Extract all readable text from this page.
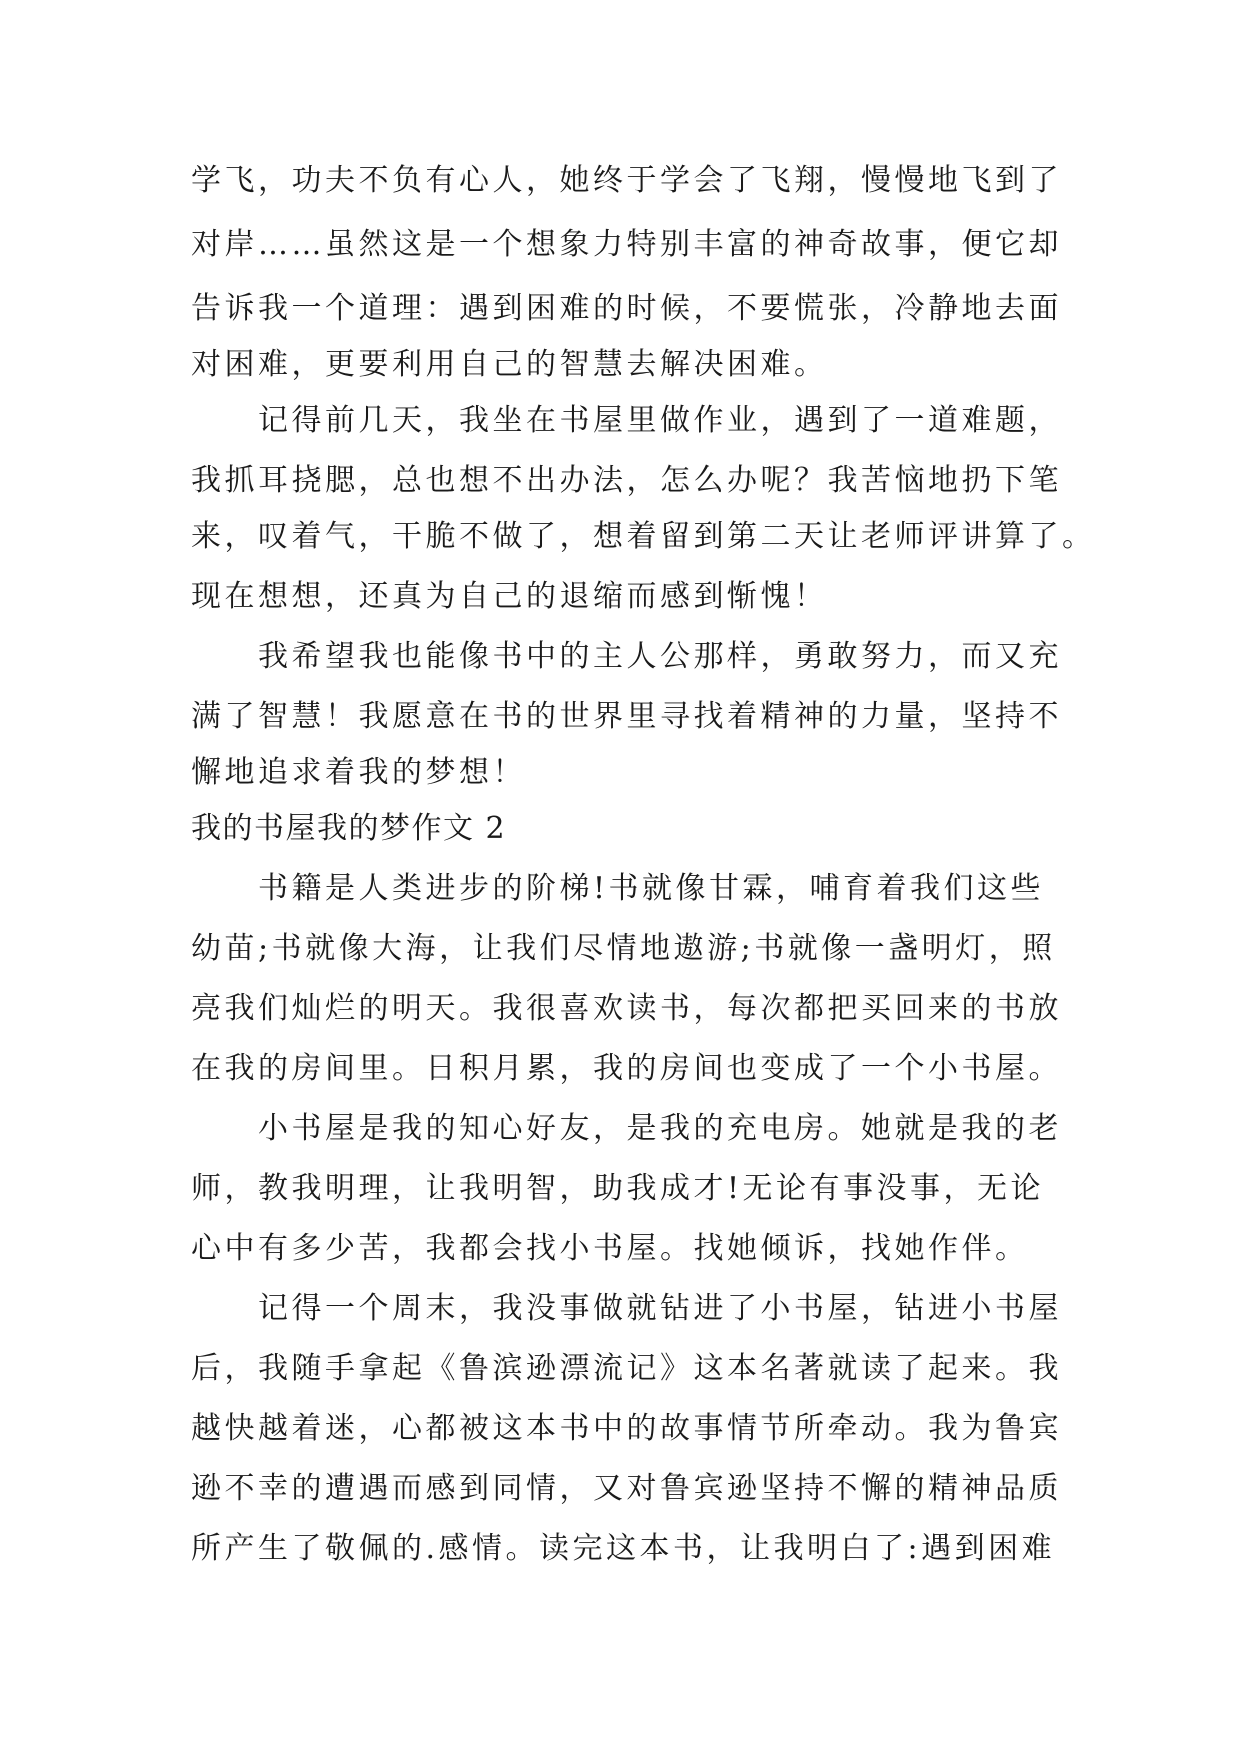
学飞，功夫不负有心人，她终于学会了飞翔，慢慢地飞到了

对岸……虽然这是一个想象力特别丰富的神奇故事，便它却

告诉我一个道理：遇到困难的时候，不要慌张，冷静地去面

对困难，更要利用自己的智慧去解决困难。

　　记得前几天，我坐在书屋里做作业，遇到了一道难题，

我抓耳挠腮，总也想不出办法，怎么办呢？我苦恼地扔下笔

来，叹着气，干脆不做了，想着留到第二天让老师评讲算了。

现在想想，还真为自己的退缩而感到惭愧！

　　我希望我也能像书中的主人公那样，勇敢努力，而又充

满了智慧！我愿意在书的世界里寻找着精神的力量，坚持不

懈地追求着我的梦想！

我的书屋我的梦作文 2

　　书籍是人类进步的阶梯!书就像甘霖，哺育着我们这些

幼苗;书就像大海，让我们尽情地遨游;书就像一盏明灯，照

亮我们灿烂的明天。我很喜欢读书，每次都把买回来的书放

在我的房间里。日积月累，我的房间也变成了一个小书屋。

　　小书屋是我的知心好友，是我的充电房。她就是我的老

师，教我明理，让我明智，助我成才!无论有事没事，无论

心中有多少苦，我都会找小书屋。找她倾诉，找她作伴。

　　记得一个周末，我没事做就钻进了小书屋，钻进小书屋

后，我随手拿起《鲁滨逊漂流记》这本名著就读了起来。我

越快越着迷，心都被这本书中的故事情节所牵动。我为鲁宾

逊不幸的遭遇而感到同情，又对鲁宾逊坚持不懈的精神品质

所产生了敬佩的.感情。读完这本书，让我明白了:遇到困难
